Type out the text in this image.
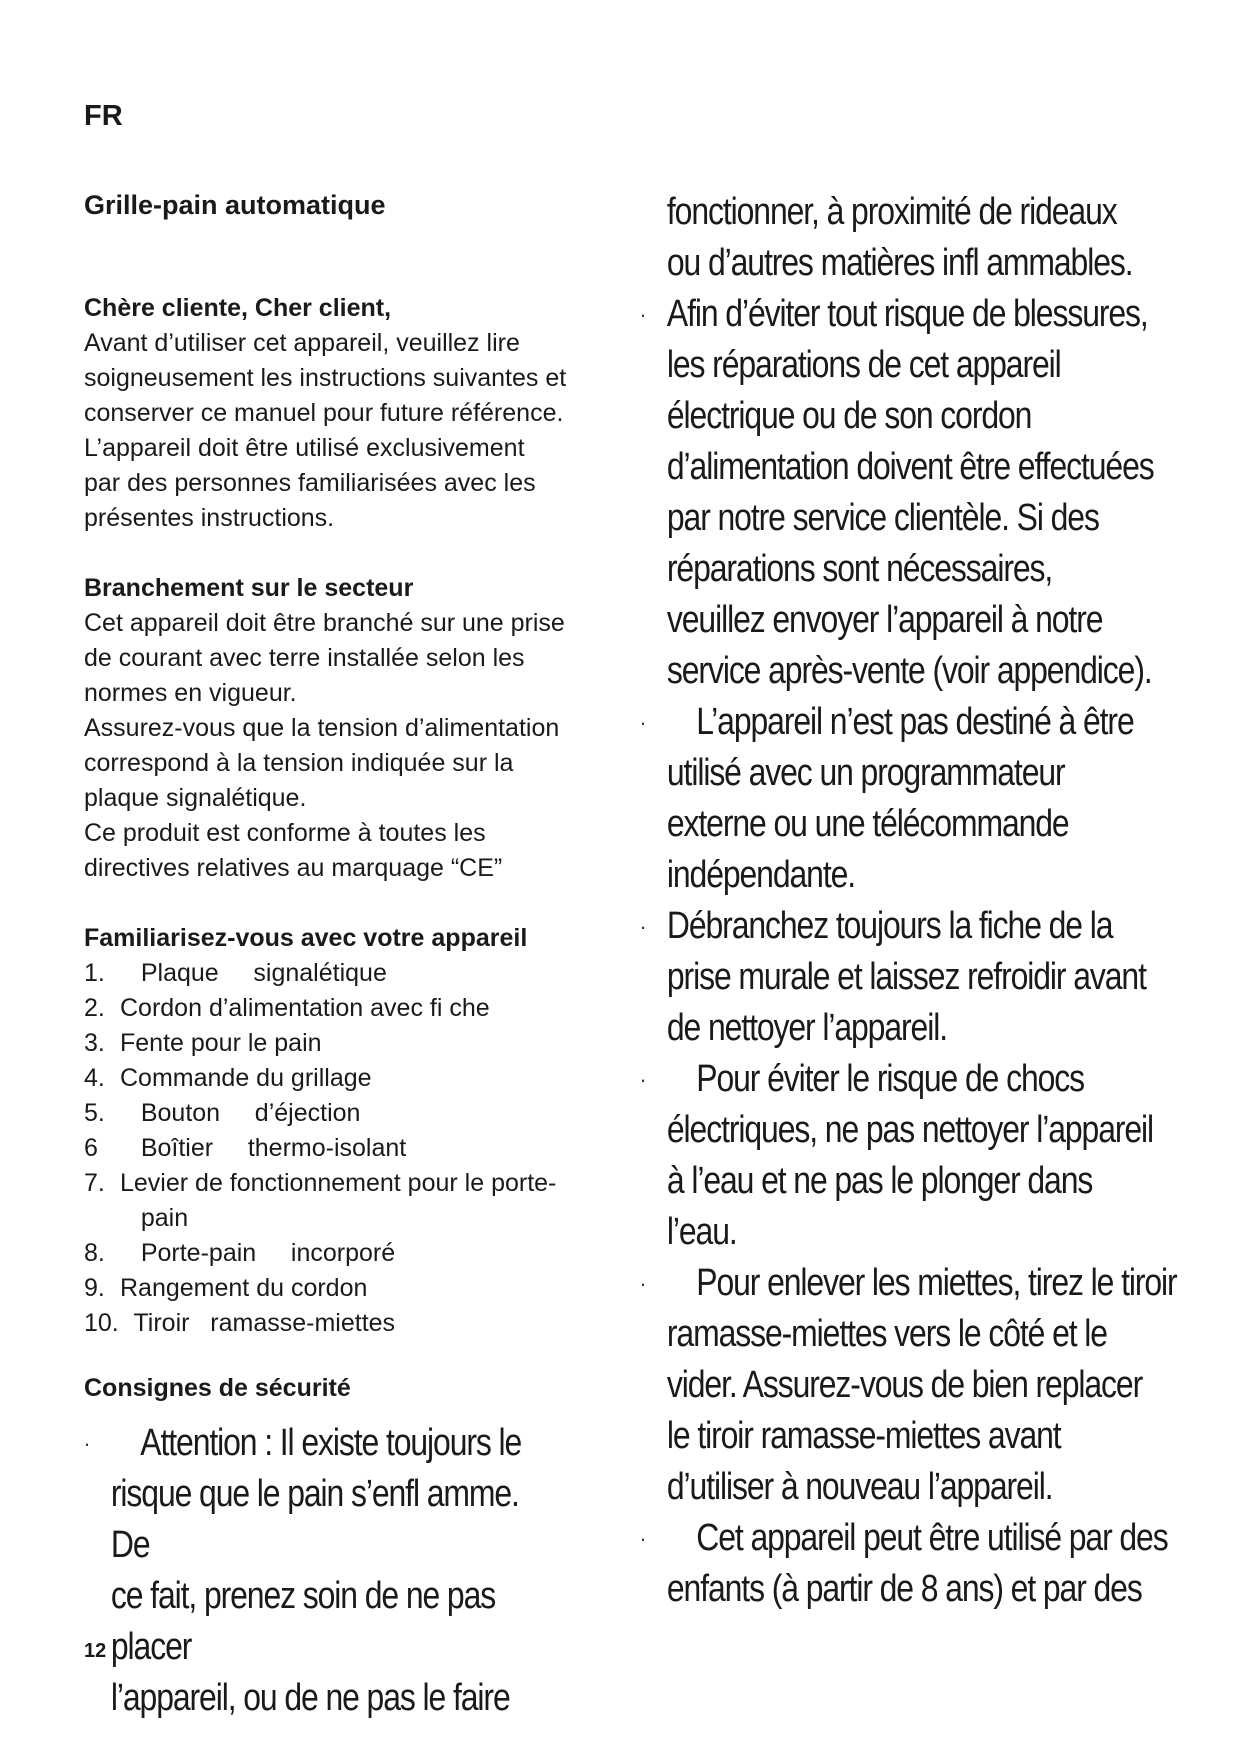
FR
Grille-pain automatique
Chère cliente, Cher client,
Avant d’utiliser cet appareil, veuillez lire
soigneusement les instructions suivantes et
conserver ce manuel pour future référence.
L’appareil doit être utilisé exclusivement
par des personnes familiarisées avec les
présentes instructions.
Branchement sur le secteur
Cet appareil doit être branché sur une prise
de courant avec terre installée selon les
normes en vigueur.
Assurez-vous que la tension d’alimentation
correspond à la tension indiquée sur la
plaque signalétique.
Ce produit est conforme à toutes les
directives relatives au marquage “CE”
Familiarisez-vous avec votre appareil
1. Plaque     signalétique
2. Cordon d’alimentation avec fi che
3. Fente pour le pain
4. Commande du grillage
5. Bouton     d’éjection
6 Boîtier     thermo-isolant
7. Levier de fonctionnement pour le porte-
pain
8. Porte-pain     incorporé
9. Rangement du cordon
10. Tiroir   ramasse-miettes
Consignes de sécurité
·	Attention : Il existe toujours le
risque que le pain s’enfl amme. De
ce fait, prenez soin de ne pas placer
l’appareil, ou de ne pas le faire
fonctionner, à proximité de rideaux
ou d’autres matières infl ammables.
· Afin d’éviter tout risque de blessures,
les réparations de cet appareil
électrique ou de son cordon
d’alimentation doivent être effectuées
par notre service clientèle. Si des
réparations sont nécessaires,
veuillez envoyer l’appareil à notre
service après-vente (voir appendice).
·	L’appareil n’est pas destiné à être
utilisé avec un programmateur
externe ou une télécommande
indépendante.
· Débranchez toujours la fiche de la
prise murale et laissez refroidir avant
de nettoyer l’appareil.
·	Pour éviter le risque de chocs
électriques, ne pas nettoyer l’appareil
à l’eau et ne pas le plonger dans
l’eau.
·	Pour enlever les miettes, tirez le tiroir
ramasse-miettes vers le côté et le
vider. Assurez-vous de bien replacer
le tiroir ramasse-miettes avant
d’utiliser à nouveau l’appareil.
·	Cet appareil peut être utilisé par des
enfants (à partir de 8 ans) et par des
12
